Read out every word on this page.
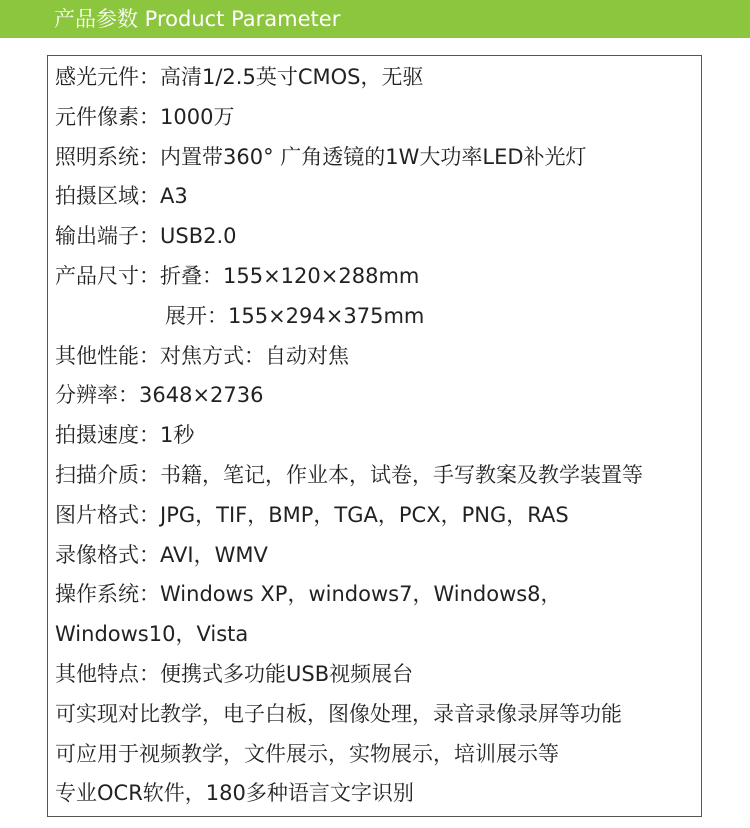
产品参数 Product Parameter
感光元件：高清1/2.5英寸CMOS，无驱
元件像素：1000万
照明系统：内置带360° 广角透镜的1W大功率LED补光灯
拍摄区域：A3
输出端子：USB2.0
产品尺寸：折叠：155×120×288mm
展开：155×294×375mm
其他性能：对焦方式：自动对焦
分辨率：3648×2736
拍摄速度：1秒
扫描介质：书籍，笔记，作业本，试卷，手写教案及教学装置等
图片格式：JPG，TIF，BMP，TGA，PCX，PNG，RAS
录像格式：AVI，WMV
操作系统：Windows XP，windows7，Windows8，
Windows10，Vista
其他特点：便携式多功能USB视频展台
可实现对比教学，电子白板，图像处理，录音录像录屏等功能
可应用于视频教学，文件展示，实物展示，培训展示等
专业OCR软件，180多种语言文字识别
